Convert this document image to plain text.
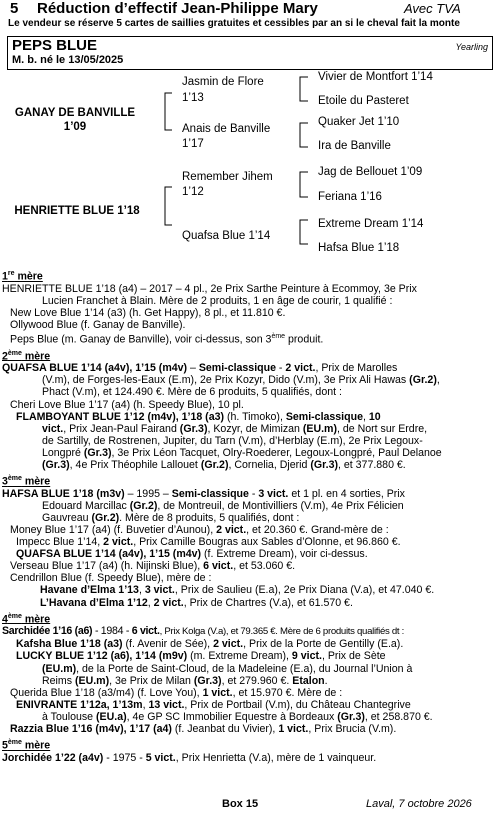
5 Réduction d’effectif Jean-Philippe Mary	Avec TVA
Le vendeur se réserve 5 cartes de saillies gratuites et cessibles par an si le cheval fait la monte
PEPS BLUE
M. b. né le 13/05/2025
Yearling
GANAY DE BANVILLE
1’09
HENRIETTE BLUE 1’18
Jasmin de Flore
1’13
Anais de Banville
1’17
Remember Jihem
1’12
Quafsa Blue 1’14
Vivier de Montfort 1’14
Etoile du Pasteret
Quaker Jet 1’10
Ira de Banville
Jag de Bellouet 1’09
Feriana 1’16
Extreme Dream 1’14
Hafsa Blue 1’18
1re mère
HENRIETTE BLUE 1’18 (a4) – 2017 – 4 pl., 2e Prix Sarthe Peinture à Ecommoy, 3e Prix
Lucien Franchet à Blain. Mère de 2 produits, 1 en âge de courir, 1 qualifié :
New Love Blue 1’14 (a3) (h. Get Happy), 8 pl., et 11.810 €.
Ollywood Blue (f. Ganay de Banville).
Peps Blue (m. Ganay de Banville), voir ci-dessus, son 3ème produit.
2ème mère
QUAFSA BLUE 1’14 (a4v), 1’15 (m4v) – Semi-classique - 2 vict., Prix de Marolles
(V.m), de Forges-les-Eaux (E.m), 2e Prix Kozyr, Dido (V.m), 3e Prix Ali Hawas (Gr.2),
Phact (V.m), et 124.490 €. Mère de 6 produits, 5 qualifiés, dont :
Cheri Love Blue 1’17 (a4) (h. Speedy Blue), 10 pl.
FLAMBOYANT BLUE 1’12 (m4v), 1’18 (a3) (h. Timoko), Semi-classique, 10
vict., Prix Jean-Paul Fairand (Gr.3), Kozyr, de Mimizan (EU.m), de Nort sur Erdre,
de Sartilly, de Rostrenen, Jupiter, du Tarn (V.m), d’Herblay (E.m), 2e Prix Legoux-
Longpré (Gr.3), 3e Prix Léon Tacquet, Olry-Roederer, Legoux-Longpré, Paul Delanoe
(Gr.3), 4e Prix Théophile Lallouet (Gr.2), Cornelia, Djerid (Gr.3), et 377.880 €.
3ème mère
HAFSA BLUE 1’18 (m3v) – 1995 – Semi-classique - 3 vict. et 1 pl. en 4 sorties, Prix
Edouard Marcillac (Gr.2), de Montreuil, de Montivilliers (V.m), 4e Prix Félicien
Gauvreau (Gr.2). Mère de 8 produits, 5 qualifiés, dont :
Money Blue 1’17 (a4) (f. Buvetier d’Aunou), 2 vict., et 20.360 €. Grand-mère de :
Impecc Blue 1’14, 2 vict., Prix Camille Bougras aux Sables d’Olonne, et 96.860 €.
QUAFSA BLUE 1’14 (a4v), 1’15 (m4v) (f. Extreme Dream), voir ci-dessus.
Verseau Blue 1’17 (a4) (h. Nijinski Blue), 6 vict., et 53.060 €.
Cendrillon Blue (f. Speedy Blue), mère de :
Havane d’Elma 1’13, 3 vict., Prix de Saulieu (E.a), 2e Prix Diana (V.a), et 47.040 €.
L’Havana d’Elma 1’12, 2 vict., Prix de Chartres (V.a), et 61.570 €.
4ème mère
Sarchidée 1’16 (a6) - 1984 - 6 vict., Prix Kolga (V.a), et 79.365 €. Mère de 6 produits qualifiés dt :
Kafsha Blue 1’18 (a3) (f. Avenir de Sée), 2 vict., Prix de la Porte de Gentilly (E.a).
LUCKY BLUE 1’12 (a6), 1’14 (m9v) (m. Extreme Dream), 9 vict., Prix de Sète
(EU.m), de la Porte de Saint-Cloud, de la Madeleine (E.a), du Journal l’Union à
Reims (EU.m), 3e Prix de Milan (Gr.3), et 279.960 €. Etalon.
Querida Blue 1’18 (a3/m4) (f. Love You), 1 vict., et 15.970 €. Mère de :
ENIVRANTE 1’12a, 1’13m, 13 vict., Prix de Portbail (V.m), du Château Chantegrive
à Toulouse (EU.a), 4e GP SC Immobilier Equestre à Bordeaux (Gr.3), et 258.870 €.
Razzia Blue 1’16 (m4v), 1’17 (a4) (f. Jeanbat du Vivier), 1 vict., Prix Brucia (V.m).
5ème mère
Jorchidée 1’22 (a4v) - 1975 - 5 vict., Prix Henrietta (V.a), mère de 1 vainqueur.
Box 15	Laval, 7 octobre 2026
